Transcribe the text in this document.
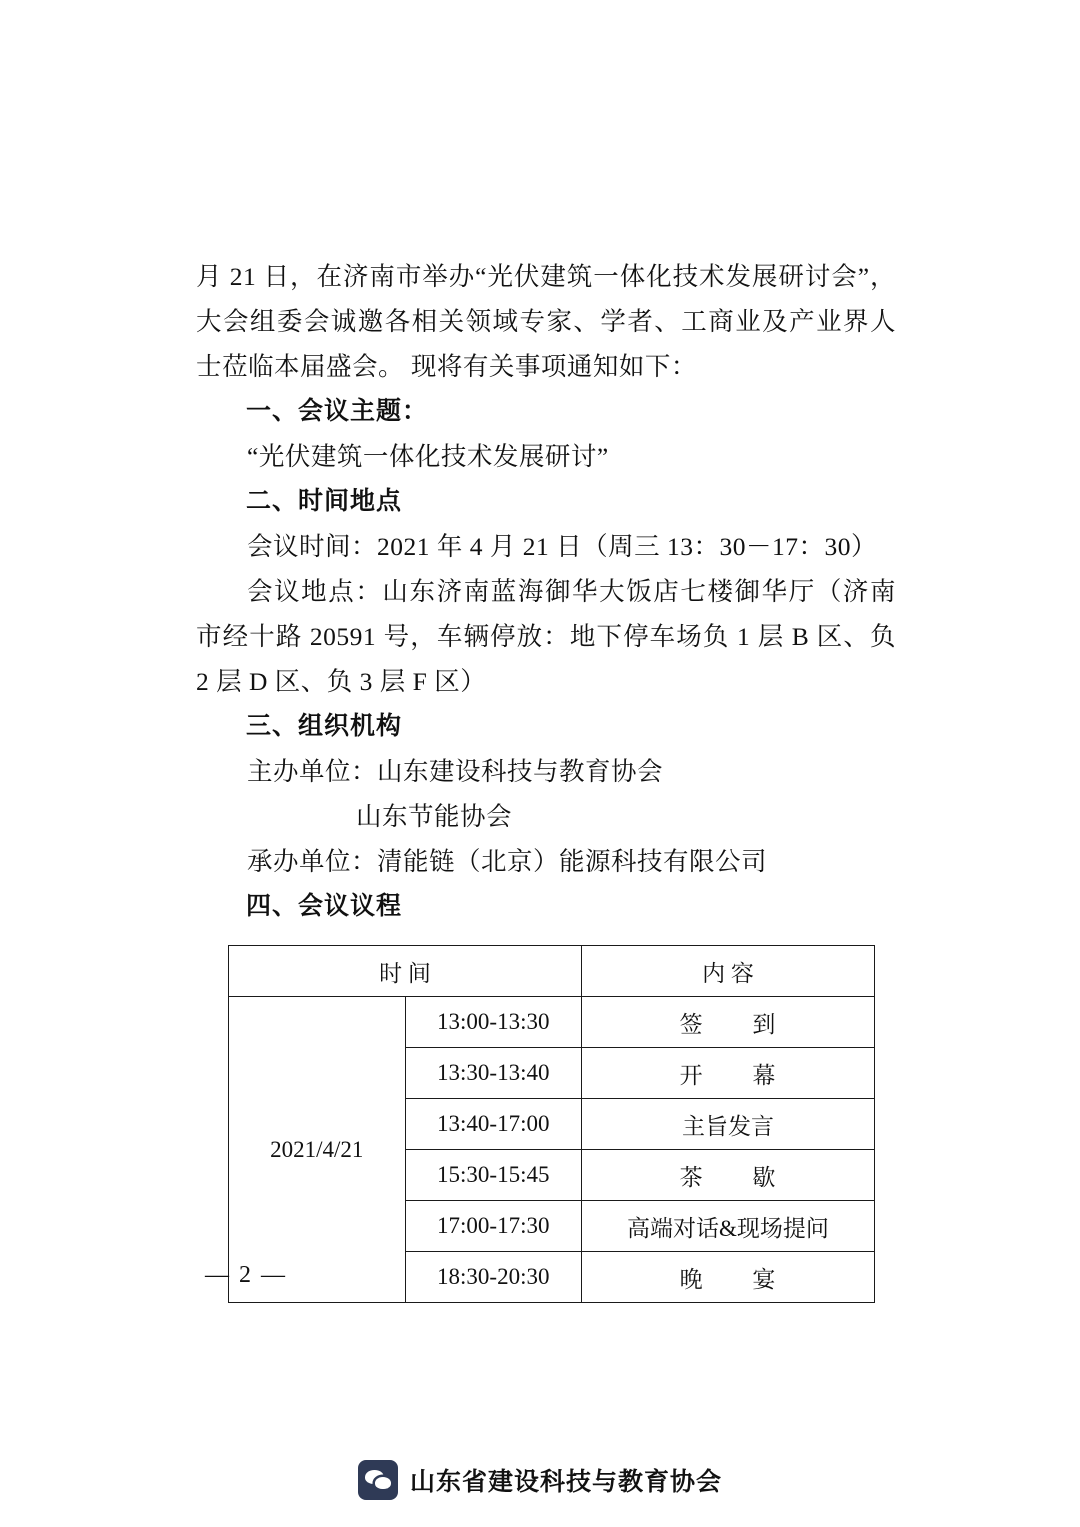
月 21 日，在济南市举办“光伏建筑一体化技术发展研讨会”，大会组委会诚邀各相关领域专家、学者、工商业及产业界人士莅临本届盛会。 现将有关事项通知如下：

一、会议主题：

“光伏建筑一体化技术发展研讨”

二、时间地点

会议时间：2021 年 4 月 21 日（周三 13：30－17：30）

会议地点：山东济南蓝海御华大饭店七楼御华厅（济南市经十路 20591 号，车辆停放：地下停车场负 1 层 B 区、负 2 层 D 区、负 3 层 F 区）

三、组织机构

主办单位：山东建设科技与教育协会

山东节能协会

承办单位：清能链（北京）能源科技有限公司

四、会议议程

时 间		内 容
2021/4/21	13:00-13:30	签 到
	13:30-13:40	开 幕
	13:40-17:00	主旨发言
	15:30-15:45	茶 歇
	17:00-17:30	高端对话&现场提问
	18:30-20:30	晚 宴
— 2 —
山东省建设科技与教育协会
